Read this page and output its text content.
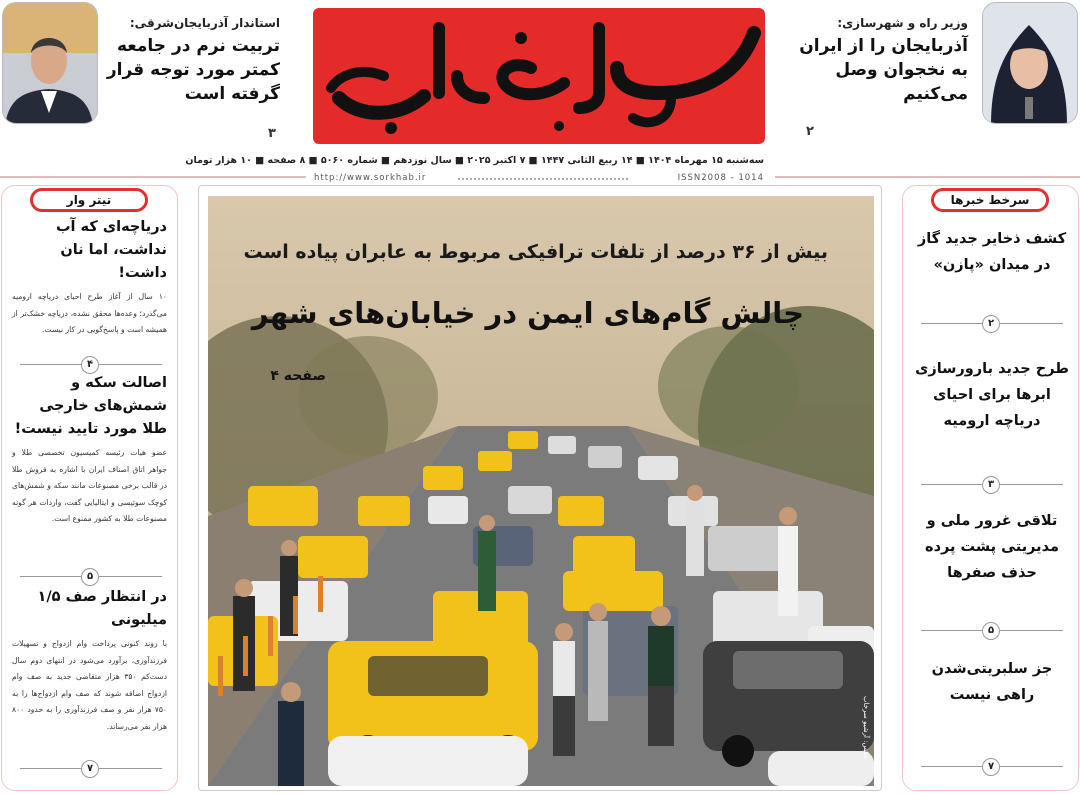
وزیر راه و شهرسازی:
آذربایجان را از ایران به نخجوان وصل می‌کنیم
۲
استاندار آذربایجان‌شرقی:
تربیت نرم در جامعه کمتر مورد توجه قرار گرفته است
۳
سه‌شنبه ۱۵ مهرماه ۱۴۰۴ ■ ۱۴ ربیع الثانی ۱۴۴۷ ■ ۷ اکتبر ۲۰۲۵ ■ سال نوزدهم ■ شماره ۵۰۶۰ ■ ۸ صفحه ■ ۱۰ هزار تومان
http://www.sorkhab.ir	ISSN2008 - 1014
تیتر وار
دریاچه‌ای که آب نداشت، اما نان داشت!
۱۰ سال از آغاز طرح احیای دریاچه ارومیه می‌گذرد؛ وعده‌ها محقق نشده، دریاچه خشک‌تر از همیشه است و پاسخ‌گویی در کار نیست.
۴
اصالت سکه و شمش‌های خارجی طلا مورد تایید نیست!
عضو هیات رئیسه کمیسیون تخصصی طلا و جواهر اتاق اصناف ایران با اشاره به فروش طلا در قالب برخی مصنوعات مانند سکه و شمش‌های کوچک سوئیسی و ایتالیایی گفت، واردات هر گونه مصنوعات طلا به کشور ممنوع است.
۵
در انتظار صف ۱/۵ میلیونی
با روند کنونی پرداخت وام ازدواج و تسهیلات فرزندآوری، برآورد می‌شود در انتهای دوم سال دست‌کم ۳۵۰ هزار متقاضی جدید به صف وام ازدواج اضافه شوند که صف وام ازدواج‌ها را به ۷۵۰ هزار نفر و صف فرزندآوری را به حدود ۸۰۰ هزار نفر می‌رساند.
۷
بیش از ۳۶ درصد از تلفات ترافیکی مربوط به عابران پیاده است
چالش گام‌های ایمن در خیابان‌های شهر
صفحه ۴
عکس: آرشیو سرخاب
سرخط خبرها
کشف ذخایر جدید گاز در میدان «پازن»
۲
طرح جدید بارورسازی ابرها برای احیای دریاچه ارومیه
۳
تلاقی غرور ملی و مدیریتی پشت پرده حذف صفرها
۵
جز سلبریتی‌شدن راهی نیست
۷
